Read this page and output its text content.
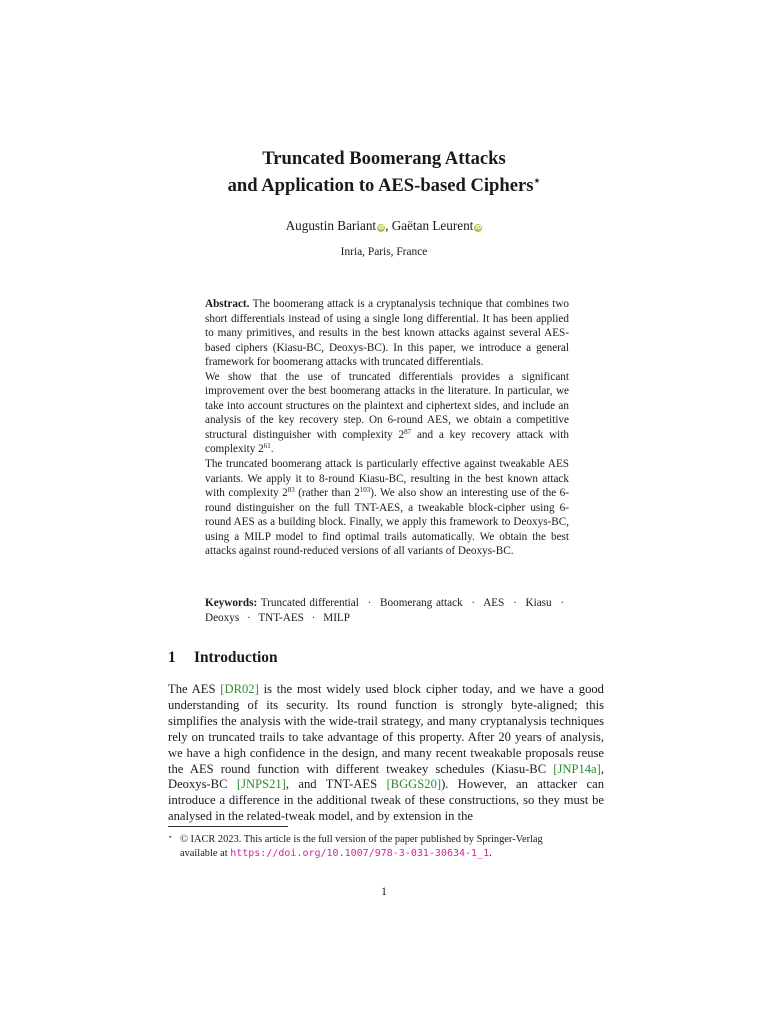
Truncated Boomerang Attacks
and Application to AES-based Ciphers⋆
Augustin Bariant iD, Gaëtan Leurent iD
Inria, Paris, France

Abstract. The boomerang attack is a cryptanalysis technique that combines two short differentials instead of using a single long differential. It has been applied to many primitives, and results in the best known attacks against several AES-based ciphers (Kiasu-BC, Deoxys-BC). In this paper, we introduce a general framework for boomerang attacks with truncated differentials.

We show that the use of truncated differentials provides a significant improvement over the best boomerang attacks in the literature. In particular, we take into account structures on the plaintext and ciphertext sides, and include an analysis of the key recovery step. On 6-round AES, we obtain a competitive structural distinguisher with complexity $2^{87}$ and a key recovery attack with complexity $2^{61}$.

The truncated boomerang attack is particularly effective against tweakable AES variants. We apply it to 8-round Kiasu-BC, resulting in the best known attack with complexity $2^{83}$ (rather than $2^{103}$). We also show an interesting use of the 6-round distinguisher on the full TNT-AES, a tweakable block-cipher using 6-round AES as a building block. Finally, we apply this framework to Deoxys-BC, using a MILP model to find optimal trails automatically. We obtain the best attacks against round-reduced versions of all variants of Deoxys-BC.

Keywords: Truncated differential · Boomerang attack · AES · Kiasu · Deoxys · TNT-AES · MILP
1 Introduction

The AES [DR02] is the most widely used block cipher today, and we have a good understanding of its security. Its round function is strongly byte-aligned; this simplifies the analysis with the wide-trail strategy, and many cryptanalysis techniques rely on truncated trails to take advantage of this property. After 20 years of analysis, we have a high confidence in the design, and many recent tweakable proposals reuse the AES round function with different tweakey schedules (Kiasu-BC [JNP14a], Deoxys-BC [JNPS21], and TNT-AES [BGGS20]). However, an attacker can introduce a difference in the additional tweak of these constructions, so they must be analysed in the related-tweak model, and by extension in the

⋆ © IACR 2023. This article is the full version of the paper published by Springer-Verlag
available at https://doi.org/10.1007/978-3-031-30634-1_1.
1
